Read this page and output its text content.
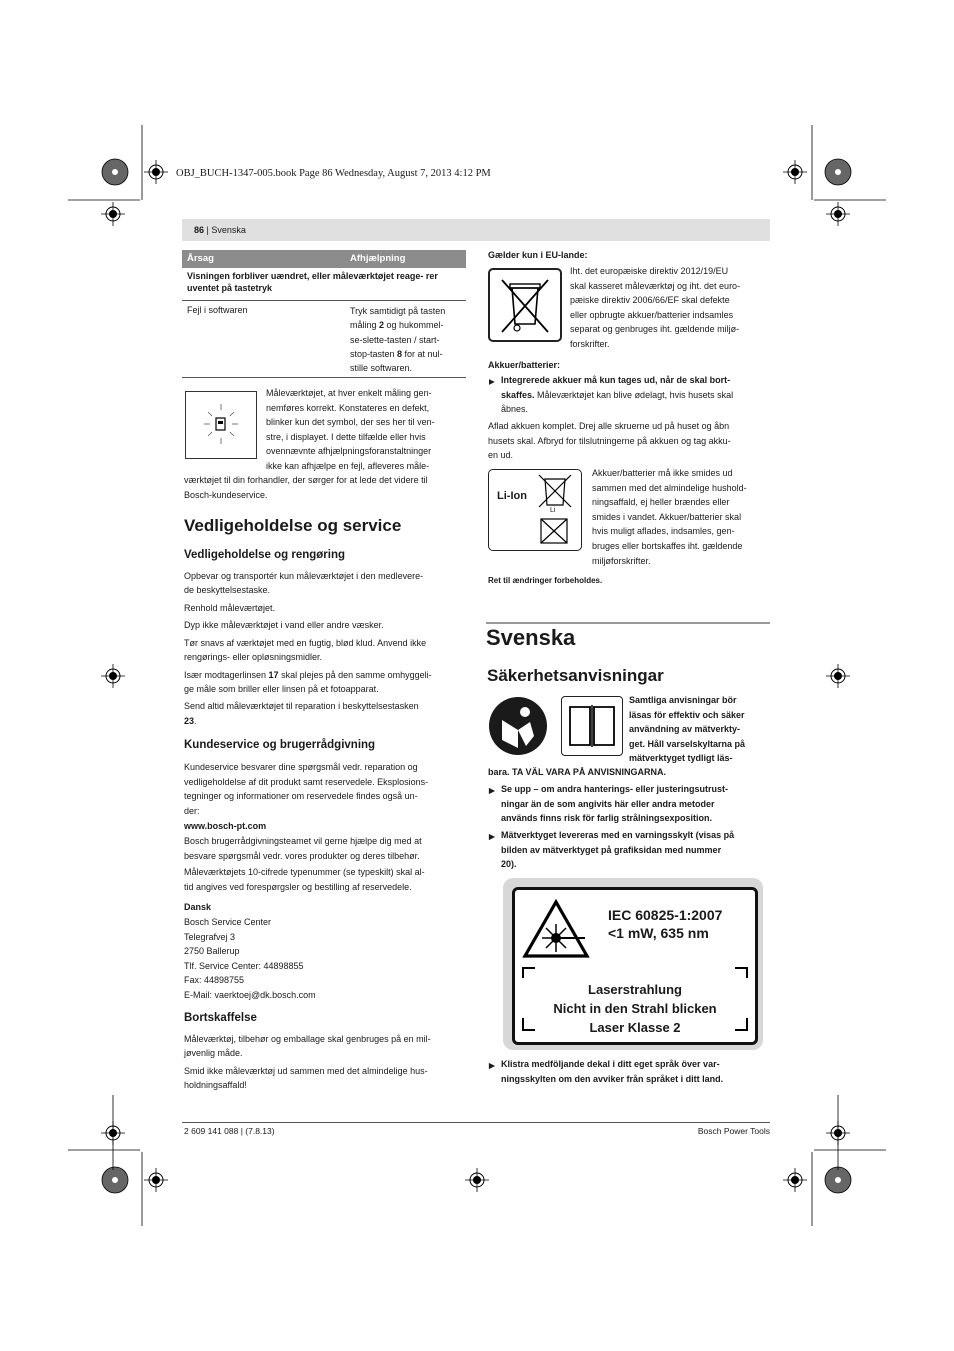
OBJ_BUCH-1347-005.book Page 86 Wednesday, August 7, 2013 4:12 PM
86 | Svenska
Årsag	Afhjælpning
Visningen forbliver uændret, eller måleværktøjet reage- rer uventet på tastetryk
Fejl i softwaren	Tryk samtidigt på tasten
måling 2 og hukommel-
se-slette-tasten / start-
stop-tasten 8 for at nul-
stille softwaren.
Måleværktøjet, at hver enkelt måling gen-
nemføres korrekt. Konstateres en defekt,
blinker kun det symbol, der ses her til ven-
stre, i displayet. I dette tilfælde eller hvis
ovennævnte afhjælpningsforanstaltninger
ikke kan afhjælpe en fejl, afleveres måle-
værktøjet til din forhandler, der sørger for at lede det videre til
Bosch-kundeservice.
Vedligeholdelse og service
Vedligeholdelse og rengøring
Opbevar og transportér kun måleværktøjet i den medlevere-
de beskyttelsestaske.
Renhold måleværtøjet.
Dyp ikke måleværktøjet i vand eller andre væsker.
Tør snavs af værktøjet med en fugtig, blød klud. Anvend ikke
rengørings- eller opløsningsmidler.
Især modtagerlinsen 17 skal plejes på den samme omhyggeli-
ge måle som briller eller linsen på et fotoapparat.
Send altid måleværktøjet til reparation i beskyttelsestasken
23.
Kundeservice og brugerrådgivning
Kundeservice besvarer dine spørgsmål vedr. reparation og
vedligeholdelse af dit produkt samt reservedele. Eksplosions-
tegninger og informationer om reservedele findes også un-
der:
www.bosch-pt.com
Bosch brugerrådgivningsteamet vil gerne hjælpe dig med at
besvare spørgsmål vedr. vores produkter og deres tilbehør.
Måleværktøjets 10-cifrede typenummer (se typeskilt) skal al-
tid angives ved forespørgsler og bestilling af reservedele.
Dansk
Bosch Service Center
Telegrafvej 3
2750 Ballerup
Tlf. Service Center: 44898855
Fax: 44898755
E-Mail: vaerktoej@dk.bosch.com
Bortskaffelse
Måleværktøj, tilbehør og emballage skal genbruges på en mil-
jøvenlig måde.
Smid ikke måleværktøj ud sammen med det almindelige hus-
holdningsaffald!
Gælder kun i EU-lande:
Iht. det europæiske direktiv 2012/19/EU
skal kasseret måleværktøj og iht. det euro-
pæiske direktiv 2006/66/EF skal defekte
eller opbrugte akkuer/batterier indsamles
separat og genbruges iht. gældende miljø-
forskrifter.
Akkuer/batterier:
▶ Integrerede akkuer må kun tages ud, når de skal bort-
skaffes. Måleværktøjet kan blive ødelagt, hvis husets skal
åbnes.
Aflad akkuen komplet. Drej alle skruerne ud på huset og åbn
husets skal. Afbryd for tilslutningerne på akkuen og tag akku-
en ud.
Li-Ion
Li
Akkuer/batterier må ikke smides ud
sammen med det almindelige hushold-
ningsaffald, ej heller brændes eller
smides i vandet. Akkuer/batterier skal
hvis muligt aflades, indsamles, gen-
bruges eller bortskaffes iht. gældende
miljøforskrifter.
Ret til ændringer forbeholdes.
Svenska
Säkerhetsanvisningar
Samtliga anvisningar bör
läsas för effektiv och säker
användning av mätverkty-
get. Håll varselskyltarna på
mätverktyget tydligt läs-
bara. TA VÄL VARA PÅ ANVISNINGARNA.
▶ Se upp – om andra hanterings- eller justeringsutrust-
ningar än de som angivits här eller andra metoder
används finns risk för farlig strålningsexposition.
▶ Mätverktyget levereras med en varningsskylt (visas på
bilden av mätverktyget på grafiksidan med nummer
20).
IEC 60825-1:2007
<1 mW, 635 nm
Laserstrahlung
Nicht in den Strahl blicken
Laser Klasse 2
▶ Klistra medföljande dekal i ditt eget språk över var-
ningsskylten om den avviker från språket i ditt land.
2 609 141 088 | (7.8.13)	Bosch Power Tools
